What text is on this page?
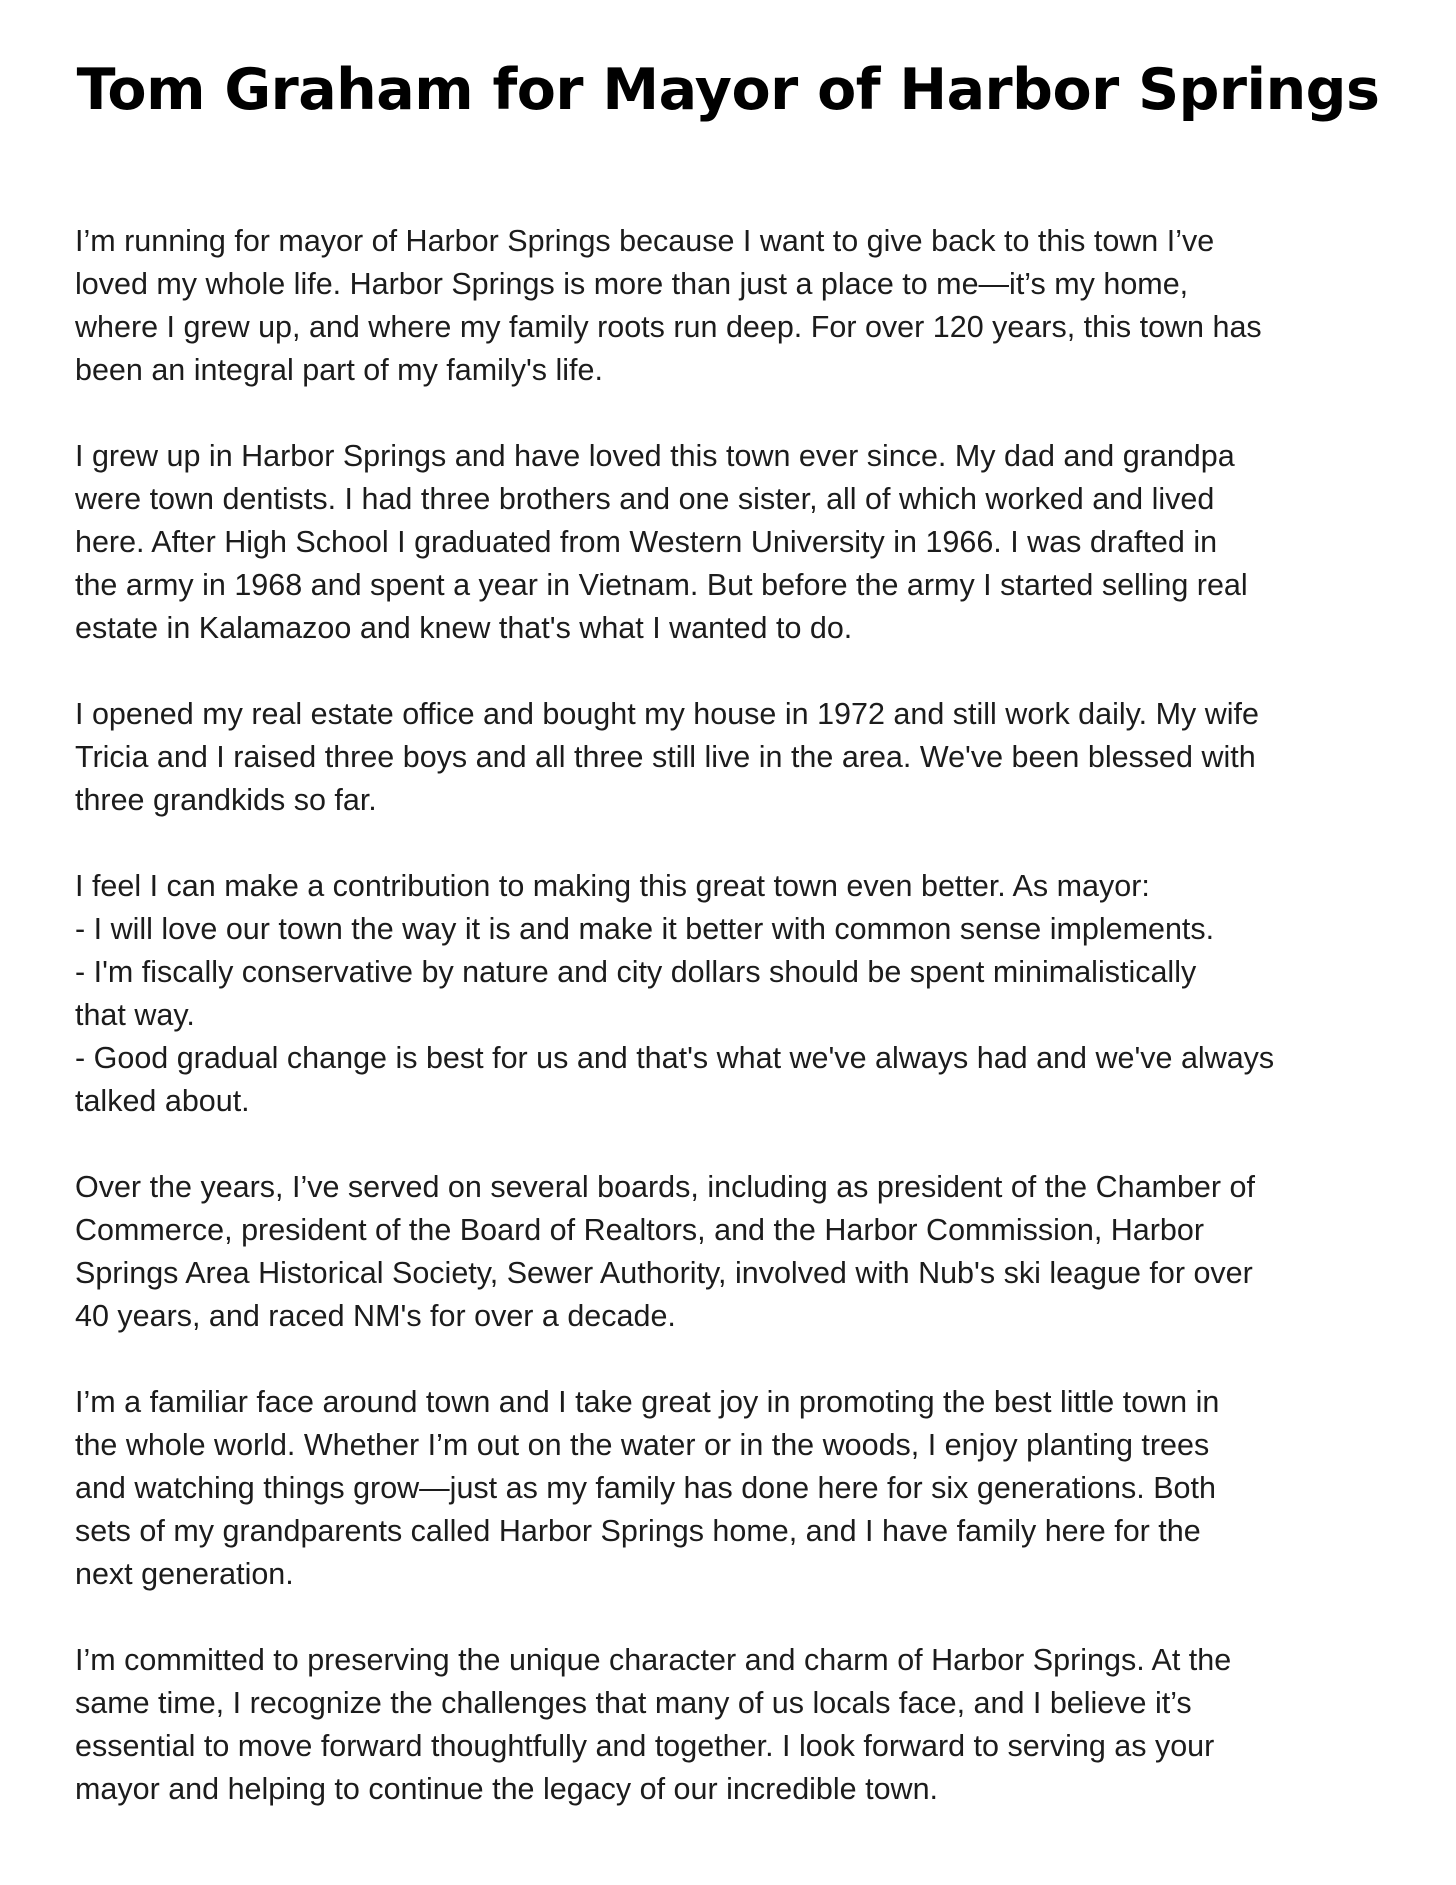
Tom Graham for Mayor of Harbor Springs

I’m running for mayor of Harbor Springs because I want to give back to this town I’ve
loved my whole life. Harbor Springs is more than just a place to me—it’s my home,
where I grew up, and where my family roots run deep. For over 120 years, this town has
been an integral part of my family's life.

I grew up in Harbor Springs and have loved this town ever since. My dad and grandpa
were town dentists. I had three brothers and one sister, all of which worked and lived
here. After High School I graduated from Western University in 1966. I was drafted in
the army in 1968 and spent a year in Vietnam. But before the army I started selling real
estate in Kalamazoo and knew that's what I wanted to do.

I opened my real estate office and bought my house in 1972 and still work daily. My wife
Tricia and I raised three boys and all three still live in the area. We've been blessed with
three grandkids so far.

I feel I can make a contribution to making this great town even better. As mayor:
- I will love our town the way it is and make it better with common sense implements.
- I'm fiscally conservative by nature and city dollars should be spent minimalistically
that way.
- Good gradual change is best for us and that's what we've always had and we've always
talked about.

Over the years, I’ve served on several boards, including as president of the Chamber of
Commerce, president of the Board of Realtors, and the Harbor Commission, Harbor
Springs Area Historical Society, Sewer Authority, involved with Nub's ski league for over
40 years, and raced NM's for over a decade.

I’m a familiar face around town and I take great joy in promoting the best little town in
the whole world. Whether I’m out on the water or in the woods, I enjoy planting trees
and watching things grow—just as my family has done here for six generations. Both
sets of my grandparents called Harbor Springs home, and I have family here for the
next generation.

I’m committed to preserving the unique character and charm of Harbor Springs. At the
same time, I recognize the challenges that many of us locals face, and I believe it’s
essential to move forward thoughtfully and together. I look forward to serving as your
mayor and helping to continue the legacy of our incredible town.
